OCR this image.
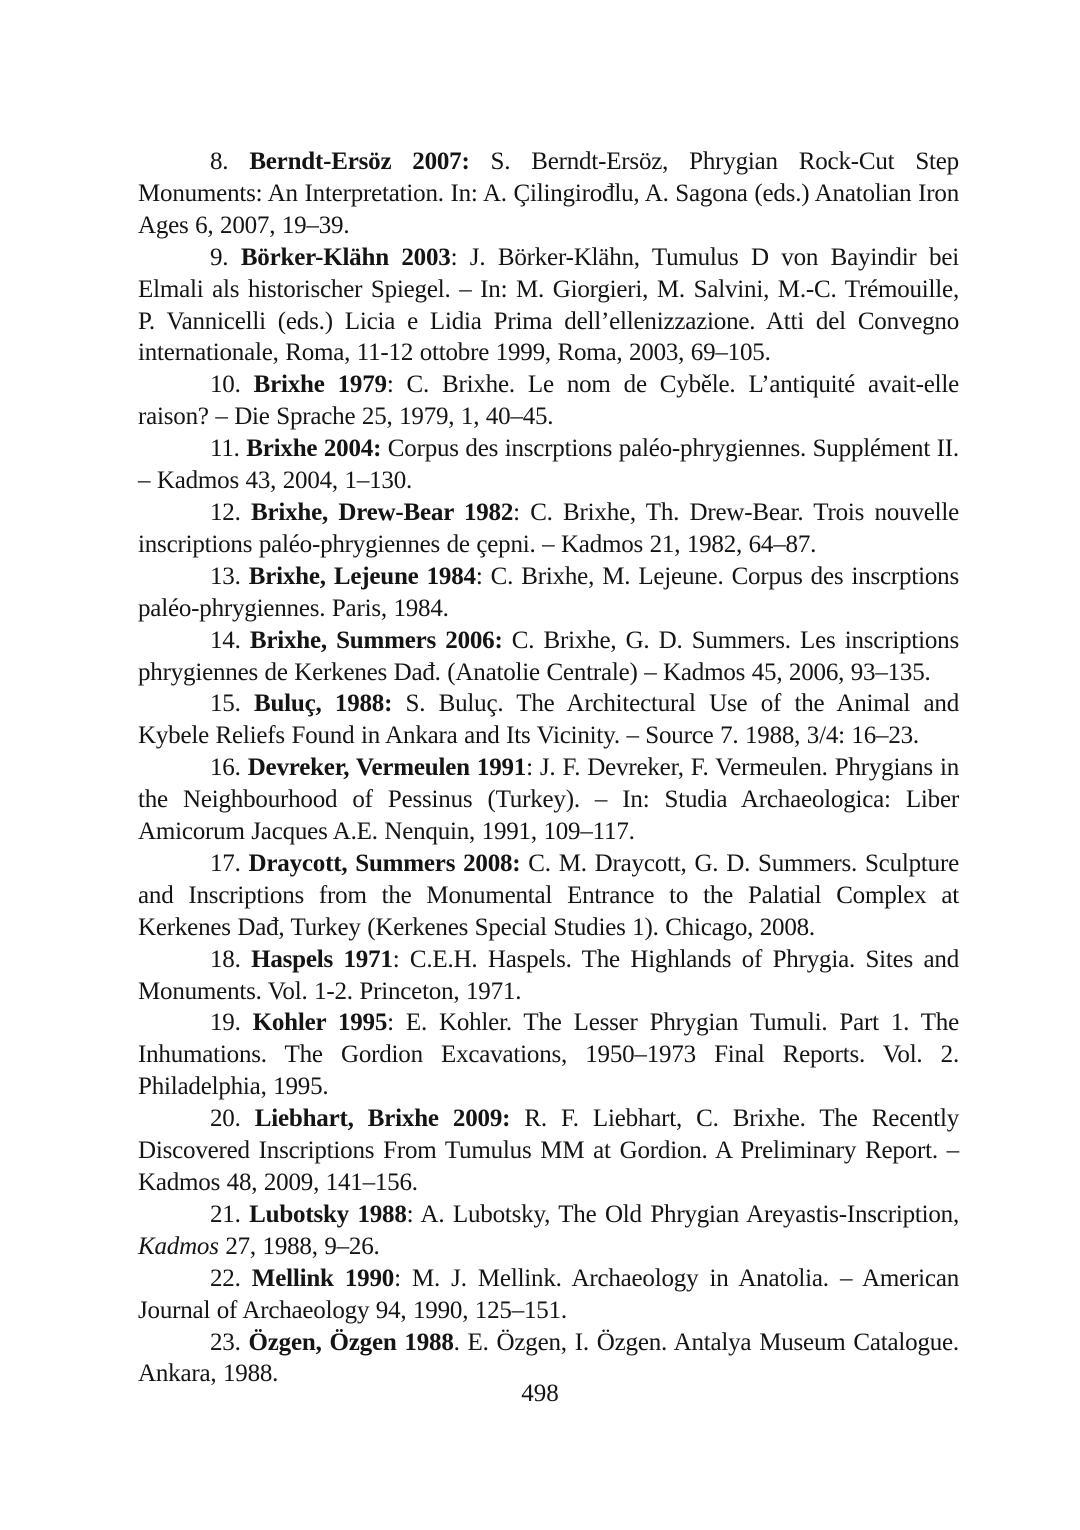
8. Berndt-Ersöz 2007: S. Berndt-Ersöz, Phrygian Rock-Cut Step Monuments: An Interpretation. In: A. Çilingirođlu, A. Sagona (eds.) Anatolian Iron Ages 6, 2007, 19–39.

9. Börker-Klähn 2003: J. Börker-Klähn, Tumulus D von Bayindir bei Elmali als historischer Spiegel. – In: M. Giorgieri, M. Salvini, M.-C. Trémouille, P. Vannicelli (eds.) Licia e Lidia Prima dell’ellenizzazione. Atti del Convegno internationale, Roma, 11-12 ottobre 1999, Roma, 2003, 69–105.

10. Brixhe 1979: C. Brixhe. Le nom de Cyběle. L’antiquité avait-elle raison? – Die Sprache 25, 1979, 1, 40–45.

11. Brixhe 2004: Corpus des inscrptions paléo-phrygiennes. Supplément II. – Kadmos 43, 2004, 1–130.

12. Brixhe, Drew-Bear 1982: C. Brixhe, Th. Drew-Bear. Trois nouvelle inscriptions paléo-phrygiennes de çepni. – Kadmos 21, 1982, 64–87.

13. Brixhe, Lejeune 1984: C. Brixhe, M. Lejeune. Corpus des inscrptions paléo-phrygiennes. Paris, 1984.

14. Brixhe, Summers 2006: C. Brixhe, G. D. Summers. Les inscriptions phrygiennes de Kerkenes Dađ. (Anatolie Centrale) – Kadmos 45, 2006, 93–135.

15. Buluç, 1988: S. Buluç. The Architectural Use of the Animal and Kybele Reliefs Found in Ankara and Its Vicinity. – Source 7. 1988, 3/4: 16–23.

16. Devreker, Vermeulen 1991: J. F. Devreker, F. Vermeulen. Phrygians in the Neighbourhood of Pessinus (Turkey). – In: Studia Archaeologica: Liber Amicorum Jacques A.E. Nenquin, 1991, 109–117.

17. Draycott, Summers 2008: C. M. Draycott, G. D. Summers. Sculpture and Inscriptions from the Monumental Entrance to the Palatial Complex at Kerkenes Dađ, Turkey (Kerkenes Special Studies 1). Chicago, 2008.

18. Haspels 1971: C.E.H. Haspels. The Highlands of Phrygia. Sites and Monuments. Vol. 1-2. Princeton, 1971.

19. Kohler 1995: E. Kohler. The Lesser Phrygian Tumuli. Part 1. The Inhumations. The Gordion Excavations, 1950–1973 Final Reports. Vol. 2. Philadelphia, 1995.

20. Liebhart, Brixhe 2009: R. F. Liebhart, C. Brixhe. The Recently Discovered Inscriptions From Tumulus MM at Gordion. A Preliminary Report. – Kadmos 48, 2009, 141–156.

21. Lubotsky 1988: A. Lubotsky, The Old Phrygian Areyastis-Inscription, Kadmos 27, 1988, 9–26.

22. Mellink 1990: M. J. Mellink. Archaeology in Anatolia. – American Journal of Archaeology 94, 1990, 125–151.

23. Özgen, Özgen 1988. E. Özgen, I. Özgen. Antalya Museum Catalogue. Ankara, 1988.

498
